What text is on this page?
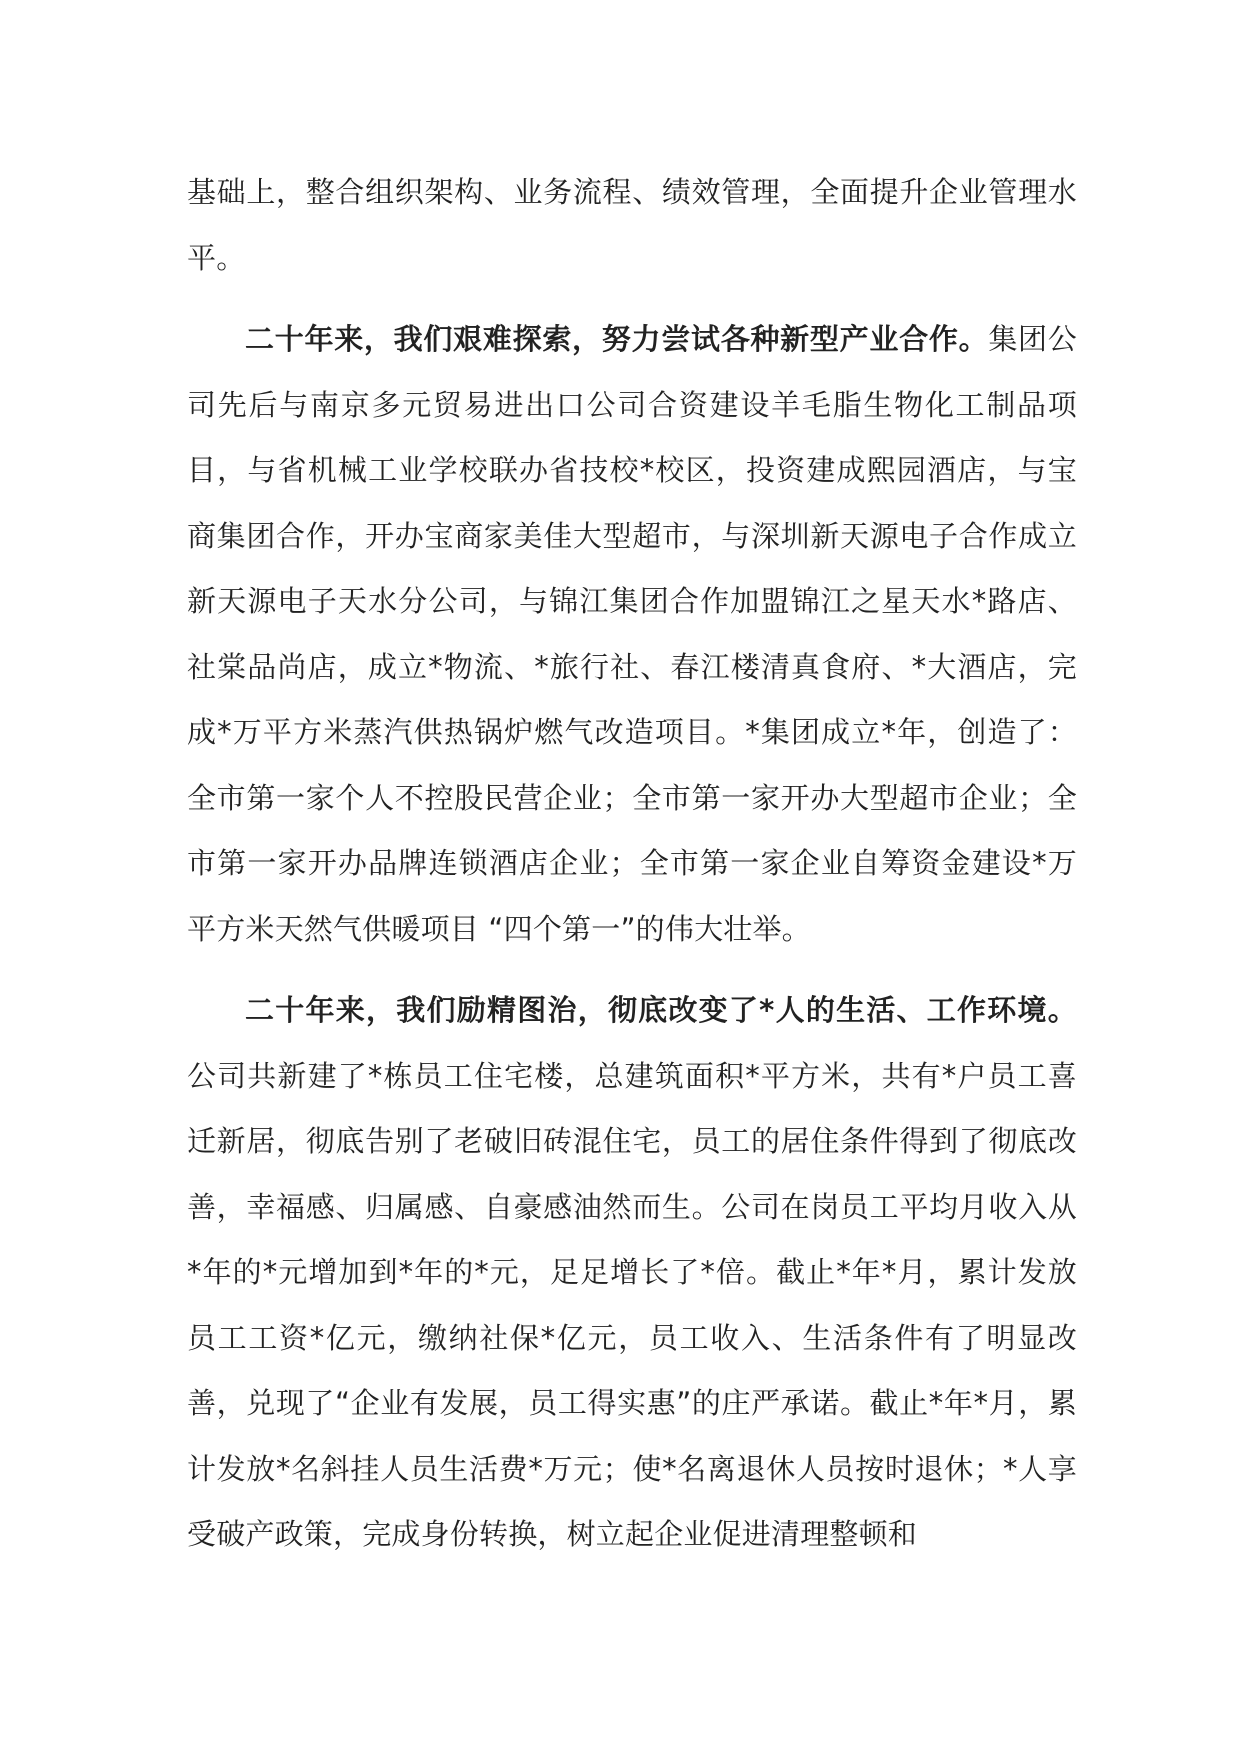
基础上，整合组织架构、业务流程、绩效管理，全面提升企业管理水平。

二十年来，我们艰难探索，努力尝试各种新型产业合作。集团公司先后与南京多元贸易进出口公司合资建设羊毛脂生物化工制品项目，与省机械工业学校联办省技校*校区，投资建成熙园酒店，与宝商集团合作，开办宝商家美佳大型超市，与深圳新天源电子合作成立新天源电子天水分公司，与锦江集团合作加盟锦江之星天水*路店、社棠品尚店，成立*物流、*旅行社、春江楼清真食府、*大酒店，完成*万平方米蒸汽供热锅炉燃气改造项目。*集团成立*年，创造了：全市第一家个人不控股民营企业；全市第一家开办大型超市企业；全市第一家开办品牌连锁酒店企业；全市第一家企业自筹资金建设*万平方米天然气供暖项目 “四个第一”的伟大壮举。

二十年来，我们励精图治，彻底改变了*人的生活、工作环境。公司共新建了*栋员工住宅楼，总建筑面积*平方米，共有*户员工喜迁新居，彻底告别了老破旧砖混住宅，员工的居住条件得到了彻底改善，幸福感、归属感、自豪感油然而生。公司在岗员工平均月收入从*年的*元增加到*年的*元，足足增长了*倍。截止*年*月，累计发放员工工资*亿元，缴纳社保*亿元，员工收入、生活条件有了明显改善，兑现了“企业有发展，员工得实惠”的庄严承诺。截止*年*月，累计发放*名斜挂人员生活费*万元；使*名离退休人员按时退休；*人享受破产政策，完成身份转换，树立起企业促进清理整顿和
